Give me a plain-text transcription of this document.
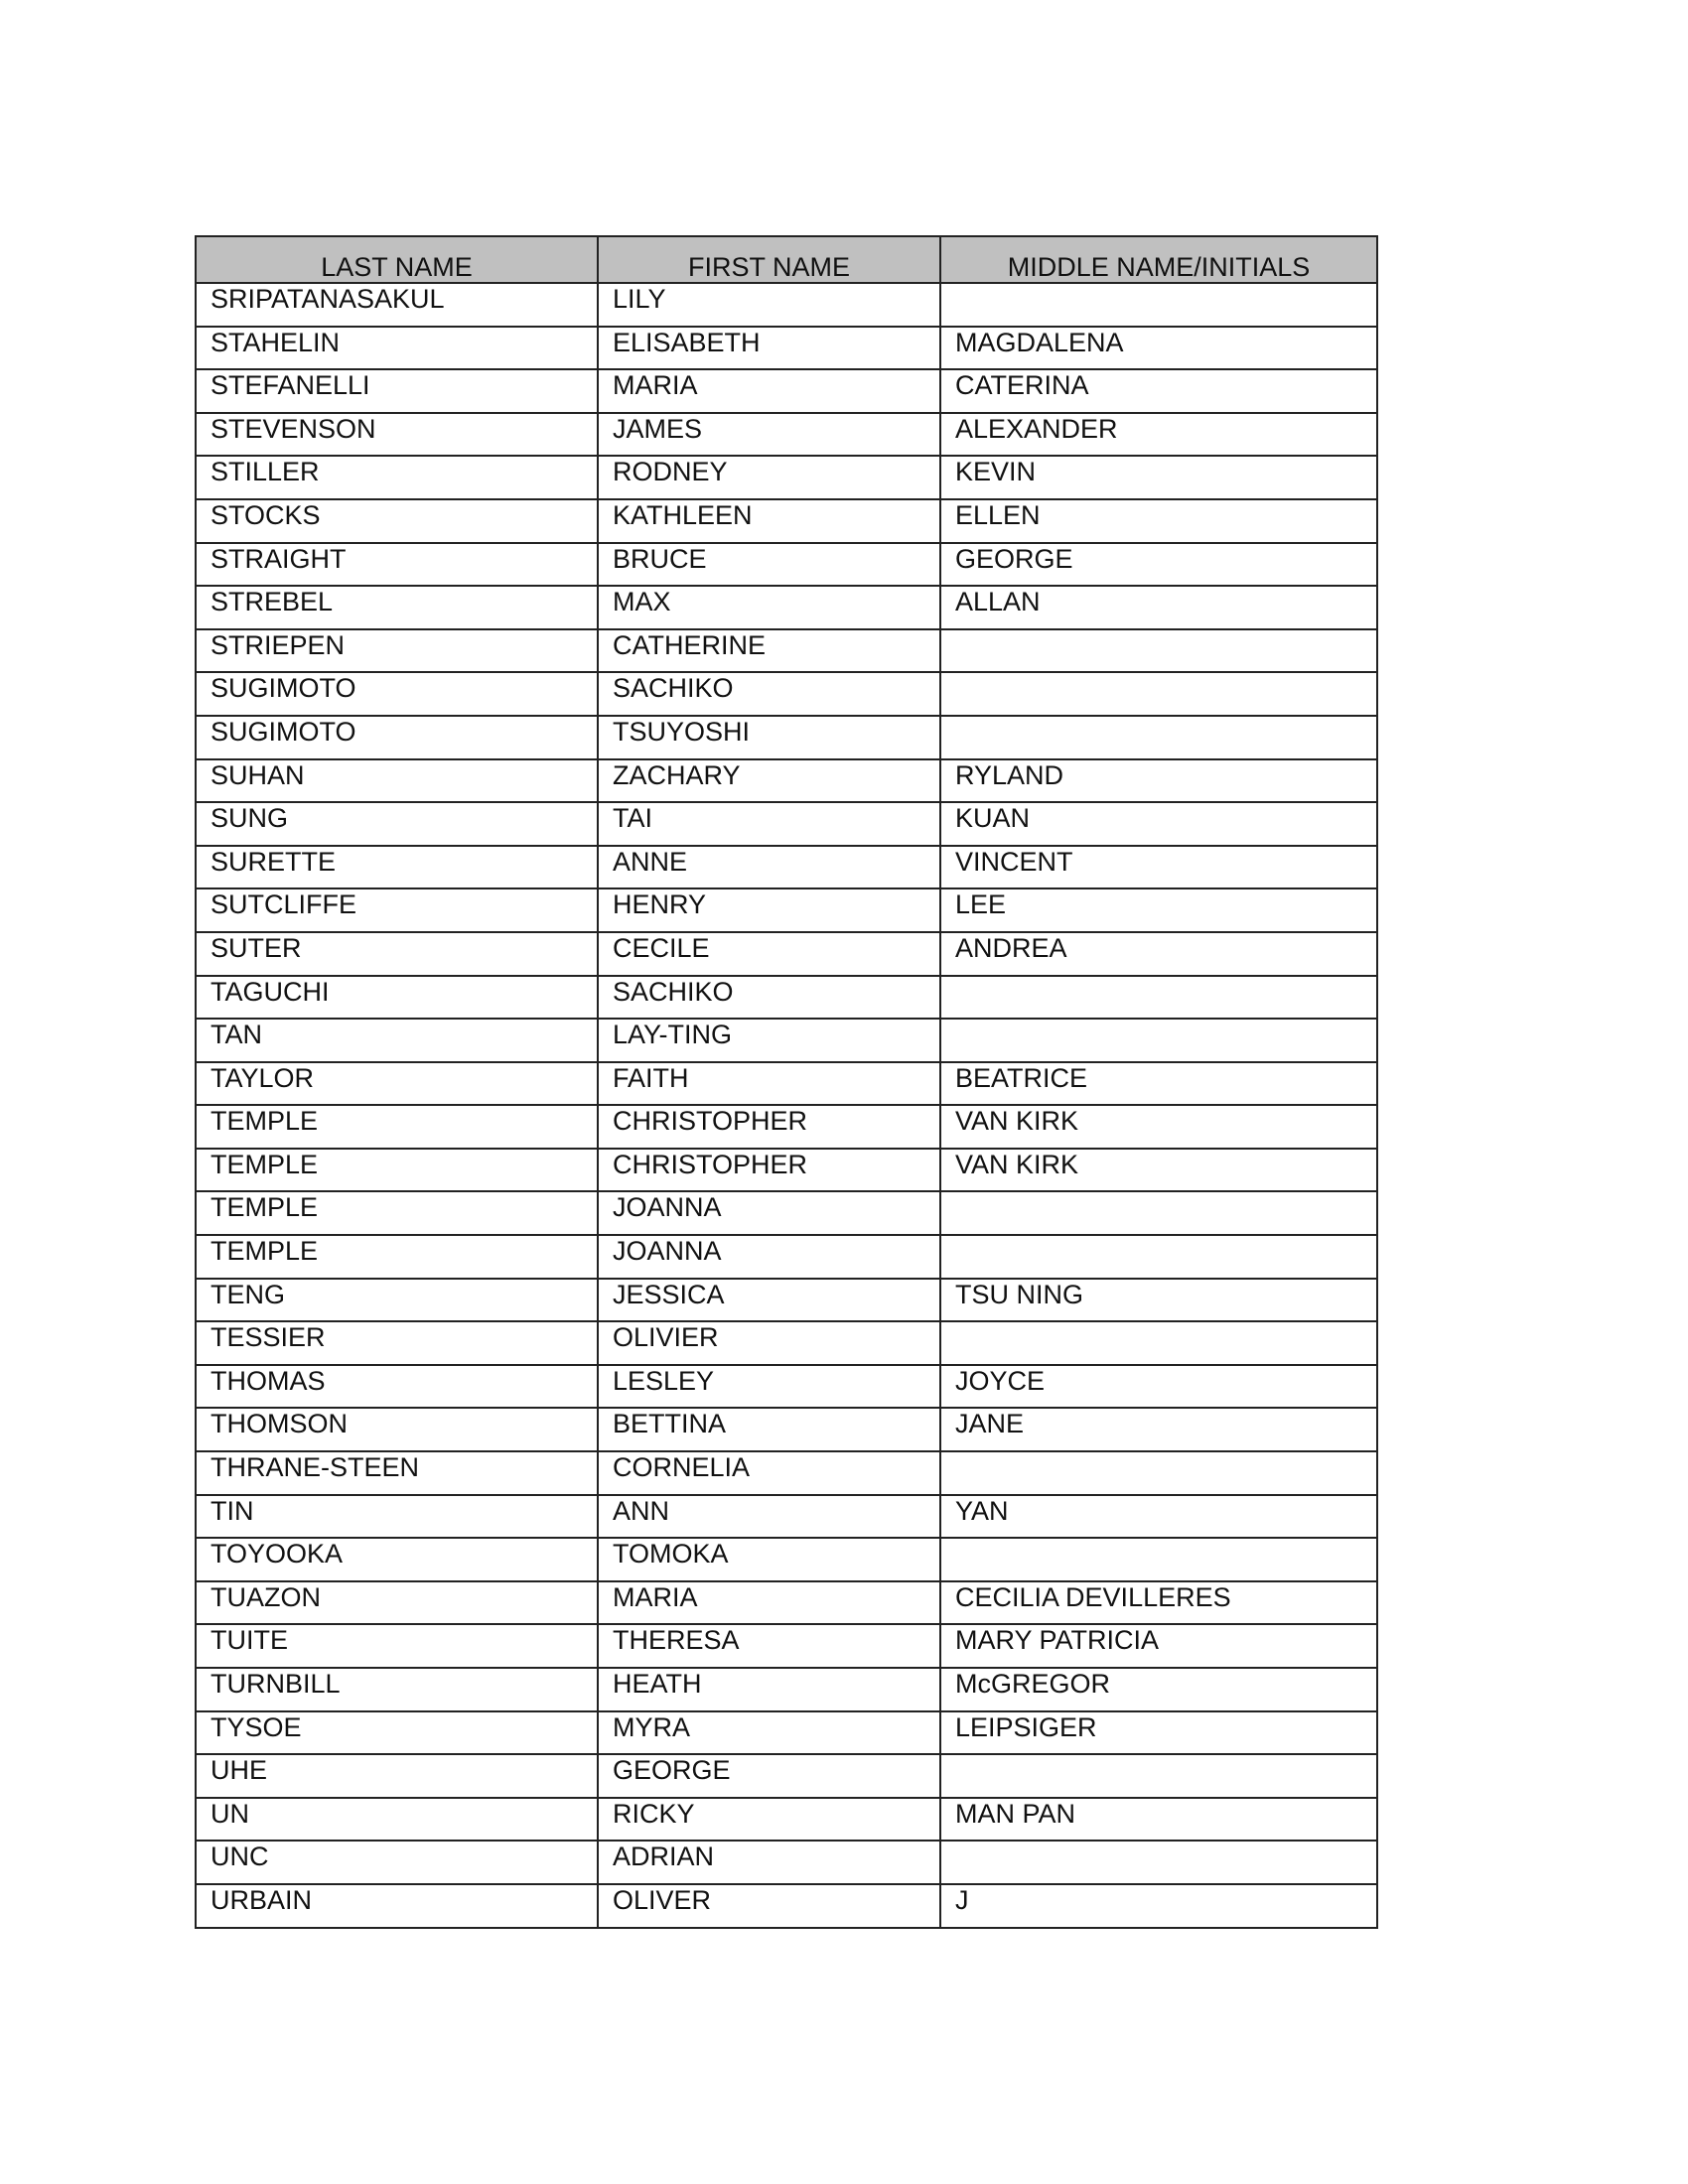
LAST NAME	FIRST NAME	MIDDLE NAME/INITIALS
SRIPATANASAKUL	LILY	
STAHELIN	ELISABETH	MAGDALENA
STEFANELLI	MARIA	CATERINA
STEVENSON	JAMES	ALEXANDER
STILLER	RODNEY	KEVIN
STOCKS	KATHLEEN	ELLEN
STRAIGHT	BRUCE	GEORGE
STREBEL	MAX	ALLAN
STRIEPEN	CATHERINE	
SUGIMOTO	SACHIKO	
SUGIMOTO	TSUYOSHI	
SUHAN	ZACHARY	RYLAND
SUNG	TAI	KUAN
SURETTE	ANNE	VINCENT
SUTCLIFFE	HENRY	LEE
SUTER	CECILE	ANDREA
TAGUCHI	SACHIKO	
TAN	LAY-TING	
TAYLOR	FAITH	BEATRICE
TEMPLE	CHRISTOPHER	VAN KIRK
TEMPLE	CHRISTOPHER	VAN KIRK
TEMPLE	JOANNA	
TEMPLE	JOANNA	
TENG	JESSICA	TSU NING
TESSIER	OLIVIER	
THOMAS	LESLEY	JOYCE
THOMSON	BETTINA	JANE
THRANE-STEEN	CORNELIA	
TIN	ANN	YAN
TOYOOKA	TOMOKA	
TUAZON	MARIA	CECILIA DEVILLERES
TUITE	THERESA	MARY PATRICIA
TURNBILL	HEATH	McGREGOR
TYSOE	MYRA	LEIPSIGER
UHE	GEORGE	
UN	RICKY	MAN PAN
UNC	ADRIAN	
URBAIN	OLIVER	J
